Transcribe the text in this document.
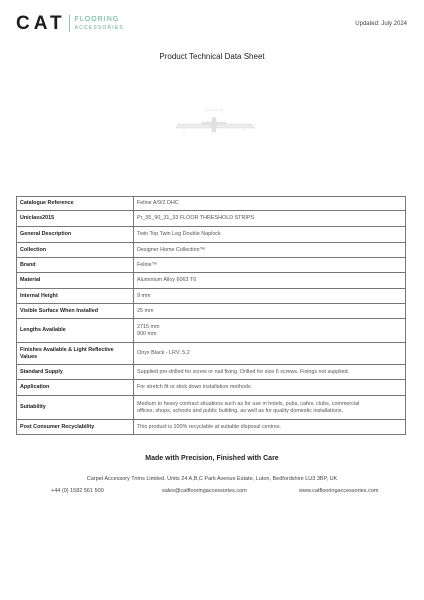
CAT FLOORING
ACCESSORIES
Updated: July 2024
Product Technical Data Sheet
Catalogue Reference	Feline A/9/2 DHC

Uniclass2015	Pr_35_90_31_33 FLOOR THRESHOLD STRIPS

General Description	Twin Top Twin Leg Double Naplock

Collection	Designer Home Collection™

Brand	Feline™

Material	Aluminium Alloy 6063 T6

Internal Height	9 mm

Visible Surface When Installed	25 mm

Lengths Available	2715 mm
900 mm

Finishes Available & Light Reflective Values	Onyx Black - LRV: 5.2

Standard Supply	Supplied pre-drilled for screw or nail fixing. Drilled for size 6 screws. Fixings not supplied.

Application	For stretch fit or stick down installation methods.

Suitability	Medium to heavy contract situations such as for use in hotels, pubs, cafes, clubs, commercial
offices, shops, schools and public building, as well as for quality domestic installations.

Post Consumer Recyclability	This product is 100% recyclable at suitable disposal centres.
Made with Precision, Finished with Care
Carpet Accessory Trims Limited. Units 24 A,B,C Park Avenue Estate, Luton, Bedfordshire LU3 3BP, UK
+44 (0) 1582 561 500	sales@catflooringaccessories.com	www.catflooringaccessories.com
